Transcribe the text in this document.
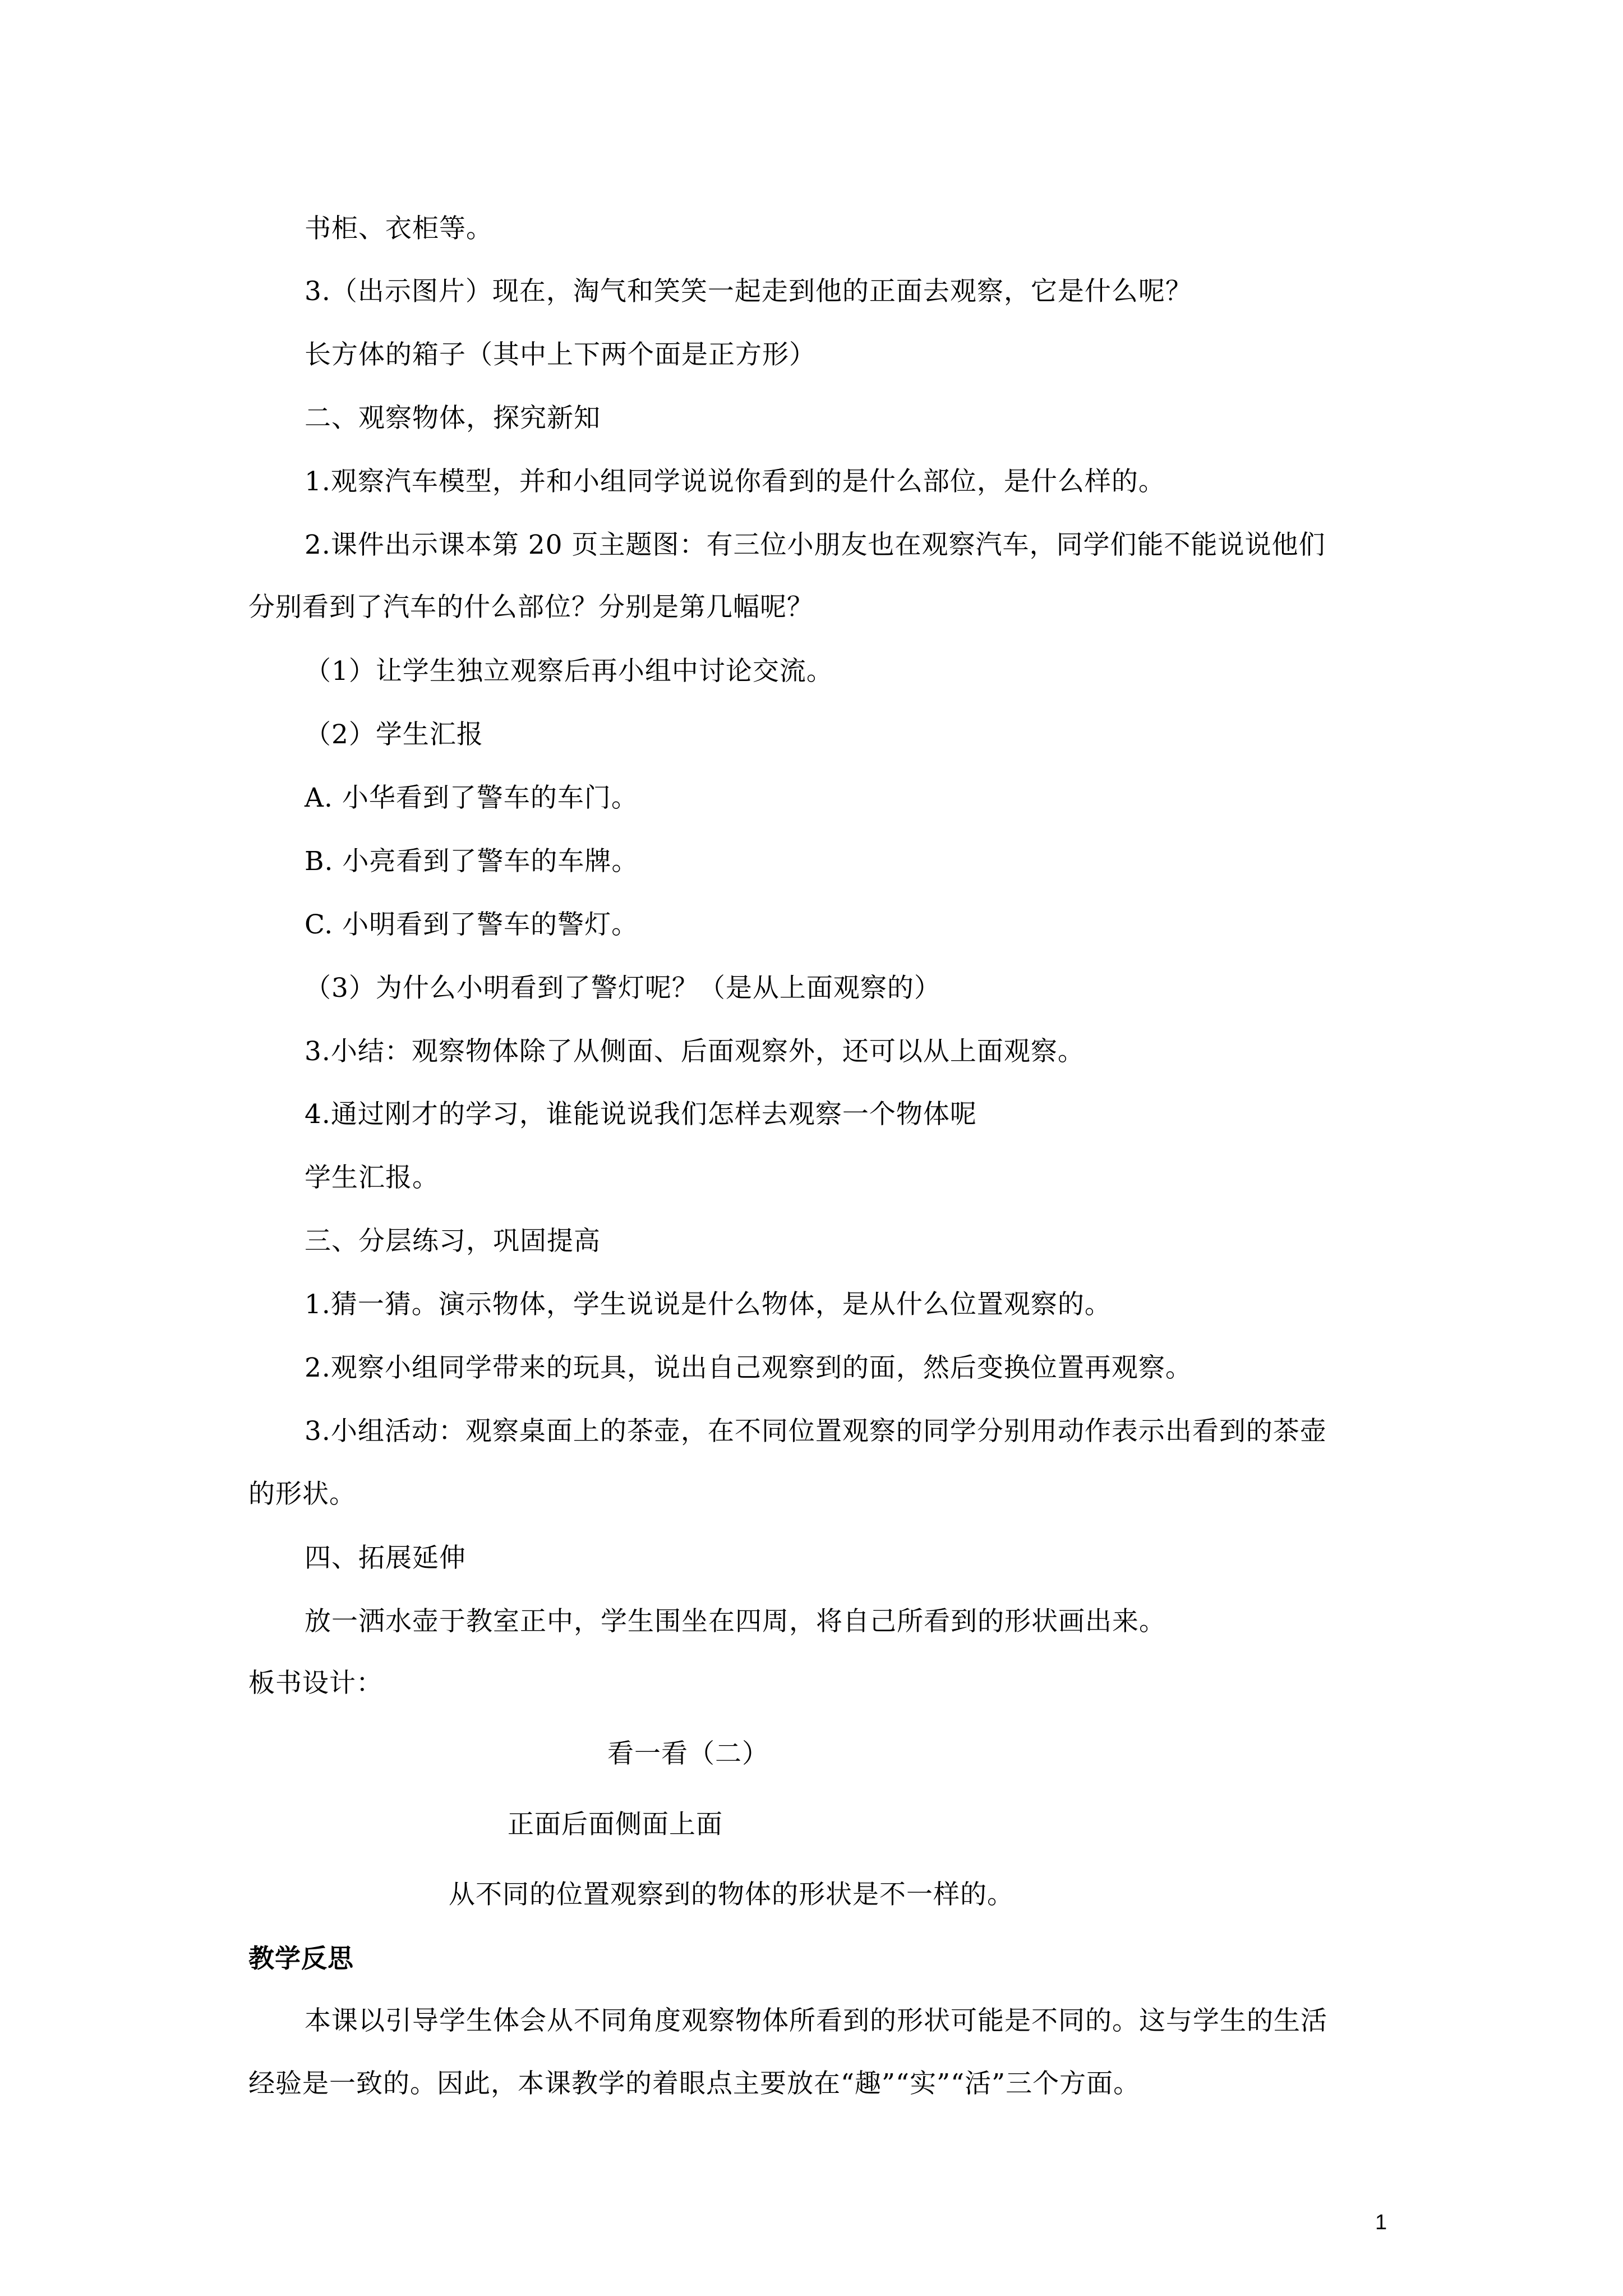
书柜、衣柜等。
3.（出示图片）现在，淘气和笑笑一起走到他的正面去观察，它是什么呢？
长方体的箱子（其中上下两个面是正方形）
二、观察物体，探究新知
1.观察汽车模型，并和小组同学说说你看到的是什么部位，是什么样的。
2.课件出示课本第 20 页主题图：有三位小朋友也在观察汽车，同学们能不能说说他们
分别看到了汽车的什么部位？分别是第几幅呢？
（1）让学生独立观察后再小组中讨论交流。
（2）学生汇报
A. 小华看到了警车的车门。
B. 小亮看到了警车的车牌。
C. 小明看到了警车的警灯。
（3）为什么小明看到了警灯呢？（是从上面观察的）
3.小结：观察物体除了从侧面、后面观察外，还可以从上面观察。
4.通过刚才的学习，谁能说说我们怎样去观察一个物体呢
学生汇报。
三、分层练习，巩固提高
1.猜一猜。演示物体，学生说说是什么物体，是从什么位置观察的。
2.观察小组同学带来的玩具，说出自己观察到的面，然后变换位置再观察。
3.小组活动：观察桌面上的茶壶，在不同位置观察的同学分别用动作表示出看到的茶壶
的形状。
四、拓展延伸
放一洒水壶于教室正中，学生围坐在四周，将自己所看到的形状画出来。
板书设计：
看一看（二）
正面后面侧面上面
从不同的位置观察到的物体的形状是不一样的。
教学反思
本课以引导学生体会从不同角度观察物体所看到的形状可能是不同的。这与学生的生活
经验是一致的。因此，本课教学的着眼点主要放在“趣”“实”“活”三个方面。
1
